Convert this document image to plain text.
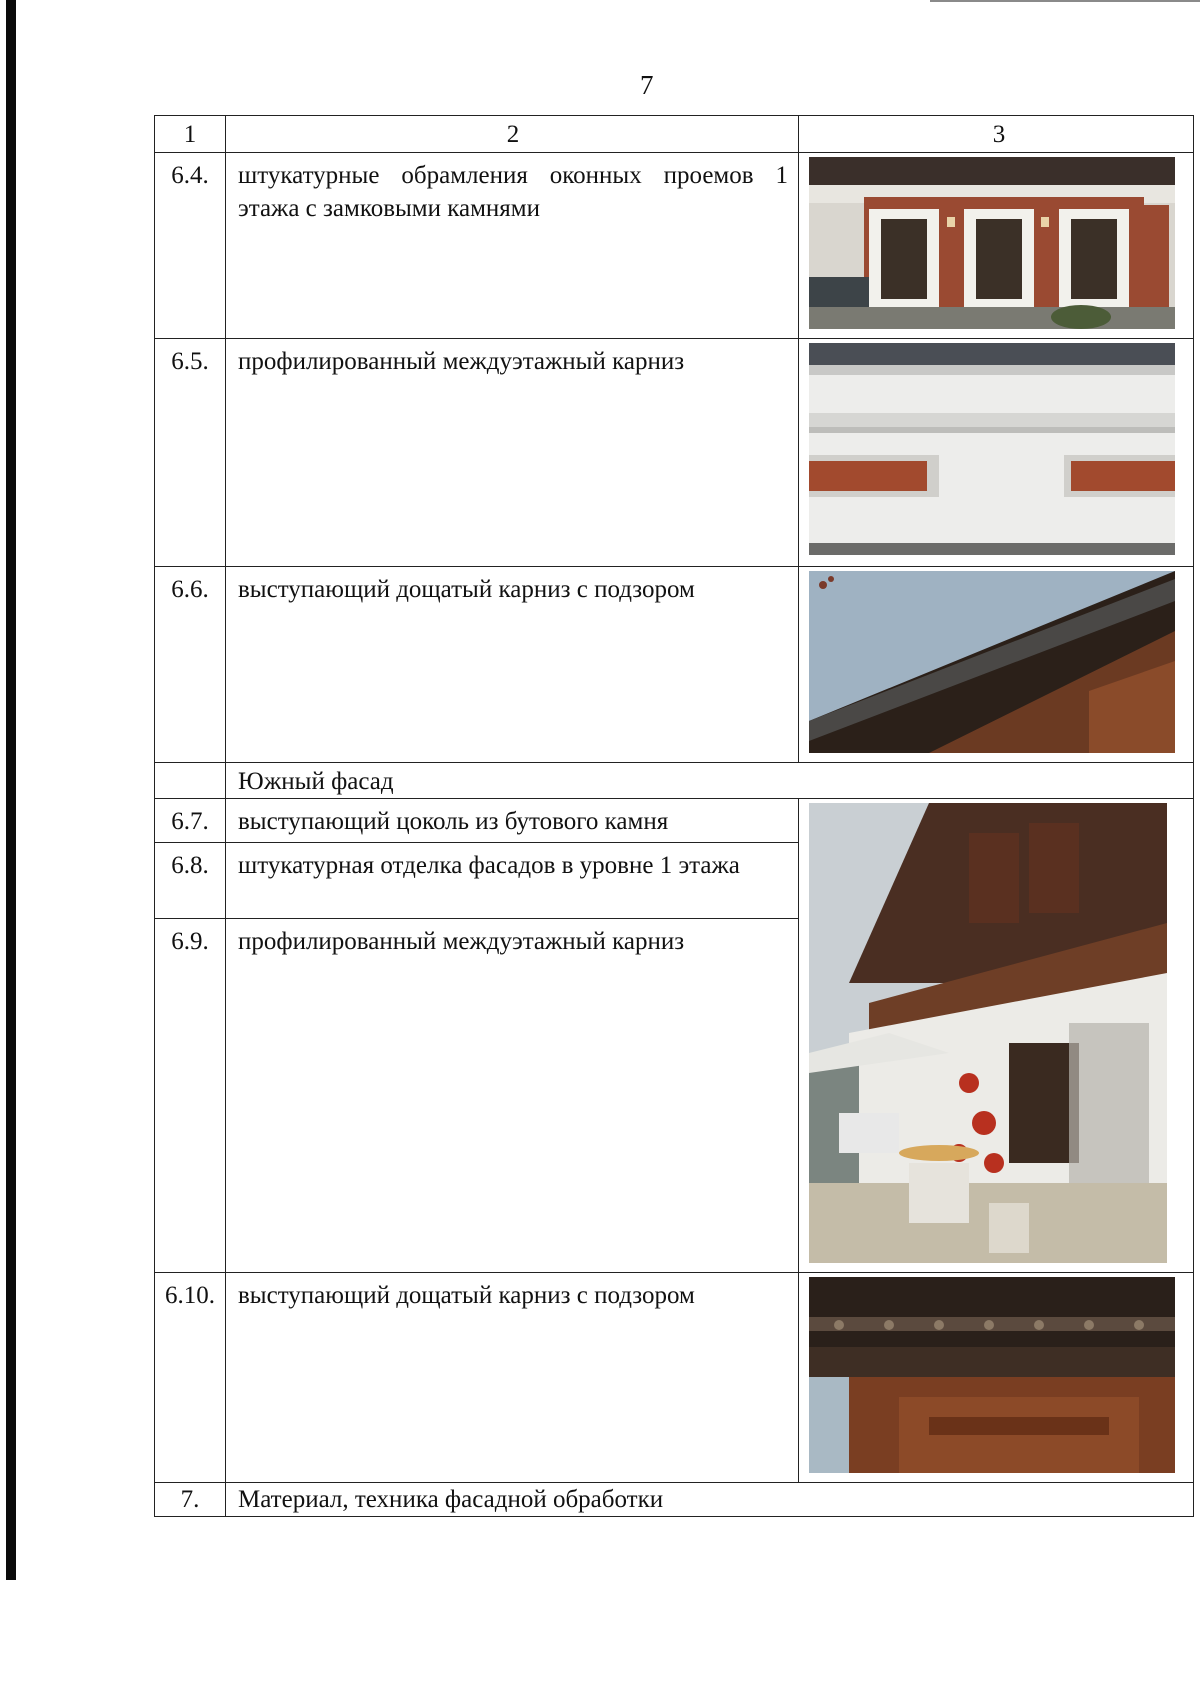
7
1	2	3
6.4.	штукатурные обрамления оконных проемов 1 этажа с замковыми камнями	

6.5.	профилированный междуэтажный карниз	

6.6.	выступающий дощатый карниз с подзором	

	Южный фасад	
6.7.	выступающий цоколь из бутового камня	

6.8.	штукатурная отделка фасадов в уровне 1 этажа	
6.9.	профилированный междуэтажный карниз	
6.10.	выступающий дощатый карниз с подзором	

7.	Материал, техника фасадной обработки	
